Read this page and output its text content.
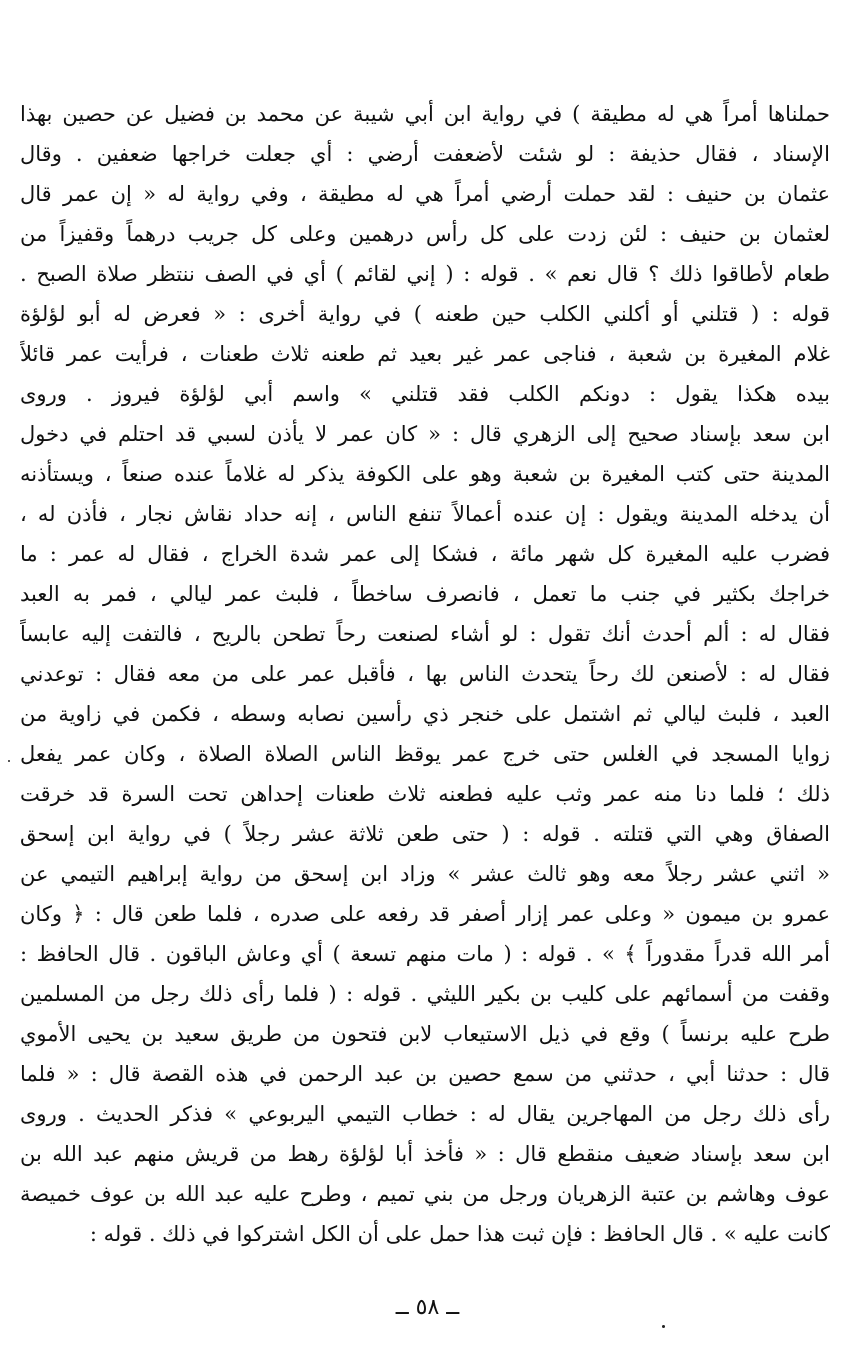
حملناها أمراً هي له مطيقة ) في رواية ابن أبي شيبة عن محمد بن فضيل عن حصين بهذا
الإسناد ، فقال حذيفة : لو شئت لأضعفت أرضي : أي جعلت خراجها ضعفين . وقال
عثمان بن حنيف : لقد حملت أرضي أمراً هي له مطيقة ، وفي رواية له « إن عمر قال
لعثمان بن حنيف : لئن زدت على كل رأس درهمين وعلى كل جريب درهماً وقفيزاً من
طعام لأطاقوا ذلك ؟ قال نعم » . قوله : ( إني لقائم ) أي في الصف ننتظر صلاة الصبح .
قوله : ( قتلني أو أكلني الكلب حين طعنه ) في رواية أخرى : « فعرض له أبو لؤلؤة
غلام المغيرة بن شعبة ، فناجى عمر غير بعيد ثم طعنه ثلاث طعنات ، فرأيت عمر قائلاً
بيده هكذا يقول : دونكم الكلب فقد قتلني » واسم أبي لؤلؤة فيروز . وروى
ابن سعد بإسناد صحيح إلى الزهري قال : « كان عمر لا يأذن لسبي قد احتلم في دخول
المدينة حتى كتب المغيرة بن شعبة وهو على الكوفة يذكر له غلاماً عنده صنعاً ، ويستأذنه
أن يدخله المدينة ويقول : إن عنده أعمالاً تنفع الناس ، إنه حداد نقاش نجار ، فأذن له ،
فضرب عليه المغيرة كل شهر مائة ، فشكا إلى عمر شدة الخراج ، فقال له عمر : ما
خراجك بكثير في جنب ما تعمل ، فانصرف ساخطاً ، فلبث عمر ليالي ، فمر به العبد
فقال له : ألم أحدث أنك تقول : لو أشاء لصنعت رحاً تطحن بالريح ، فالتفت إليه عابساً
فقال له : لأصنعن لك رحاً يتحدث الناس بها ، فأقبل عمر على من معه فقال : توعدني
العبد ، فلبث ليالي ثم اشتمل على خنجر ذي رأسين نصابه وسطه ، فكمن في زاوية من
زوايا المسجد في الغلس حتى خرج عمر يوقظ الناس الصلاة الصلاة ، وكان عمر يفعل
ذلك ؛ فلما دنا منه عمر وثب عليه فطعنه ثلاث طعنات إحداهن تحت السرة قد خرقت
الصفاق وهي التي قتلته . قوله : ( حتى طعن ثلاثة عشر رجلاً ) في رواية ابن إسحق
« اثني عشر رجلاً معه وهو ثالث عشر » وزاد ابن إسحق من رواية إبراهيم التيمي عن
عمرو بن ميمون « وعلى عمر إزار أصفر قد رفعه على صدره ، فلما طعن قال : ﴿ وكان
أمر الله قدراً مقدوراً ﴾ » . قوله : ( مات منهم تسعة ) أي وعاش الباقون . قال الحافظ :
وقفت من أسمائهم على كليب بن بكير الليثي . قوله : ( فلما رأى ذلك رجل من المسلمين
طرح عليه برنساً ) وقع في ذيل الاستيعاب لابن فتحون من طريق سعيد بن يحيى الأموي
قال : حدثنا أبي ، حدثني من سمع حصين بن عبد الرحمن في هذه القصة قال : « فلما
رأى ذلك رجل من المهاجرين يقال له : خطاب التيمي اليربوعي » فذكر الحديث . وروى
ابن سعد بإسناد ضعيف منقطع قال : « فأخذ أبا لؤلؤة رهط من قريش منهم عبد الله بن
عوف وهاشم بن عتبة الزهريان ورجل من بني تميم ، وطرح عليه عبد الله بن عوف خميصة
كانت عليه » . قال الحافظ : فإن ثبت هذا حمل على أن الكل اشتركوا في ذلك . قوله :
ــ ٥٨ ــ
